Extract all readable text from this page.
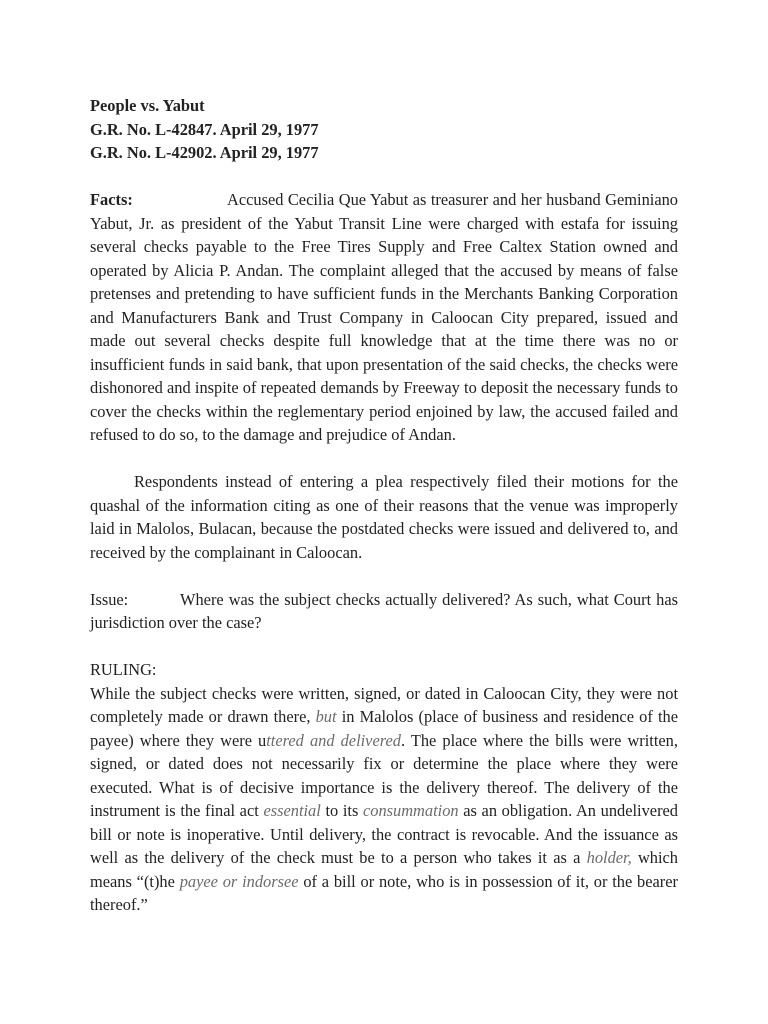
People vs. Yabut

G.R. No. L-42847. April 29, 1977

G.R. No. L-42902. April 29, 1977

Facts:	Accused Cecilia Que Yabut as treasurer and her husband Geminiano Yabut, Jr. as president of the Yabut Transit Line were charged with estafa for issuing several checks payable to the Free Tires Supply and Free Caltex Station owned and operated by Alicia P. Andan. The complaint alleged that the accused by means of false pretenses and pretending to have sufficient funds in the Merchants Banking Corporation and Manufacturers Bank and Trust Company in Caloocan City prepared, issued and made out several checks despite full knowledge that at the time there was no or insufficient funds in said bank, that upon presentation of the said checks, the checks were dishonored and inspite of repeated demands by Freeway to deposit the necessary funds to cover the checks within the reglementary period enjoined by law, the accused failed and refused to do so, to the damage and prejudice of Andan.

Respondents instead of entering a plea respectively filed their motions for the quashal of the information citing as one of their reasons that the venue was improperly laid in Malolos, Bulacan, because the postdated checks were issued and delivered to, and received by the complainant in Caloocan.

Issue:	Where was the subject checks actually delivered? As such, what Court has jurisdiction over the case?

RULING:

While the subject checks were written, signed, or dated in Caloocan City, they were not completely made or drawn there, but in Malolos (place of business and residence of the payee) where they were uttered and delivered. The place where the bills were written, signed, or dated does not necessarily fix or determine the place where they were executed. What is of decisive importance is the delivery thereof. The delivery of the instrument is the final act essential to its consummation as an obligation. An undelivered bill or note is inoperative. Until delivery, the contract is revocable. And the issuance as well as the delivery of the check must be to a person who takes it as a holder, which means “(t)he payee or indorsee of a bill or note, who is in possession of it, or the bearer thereof.”
